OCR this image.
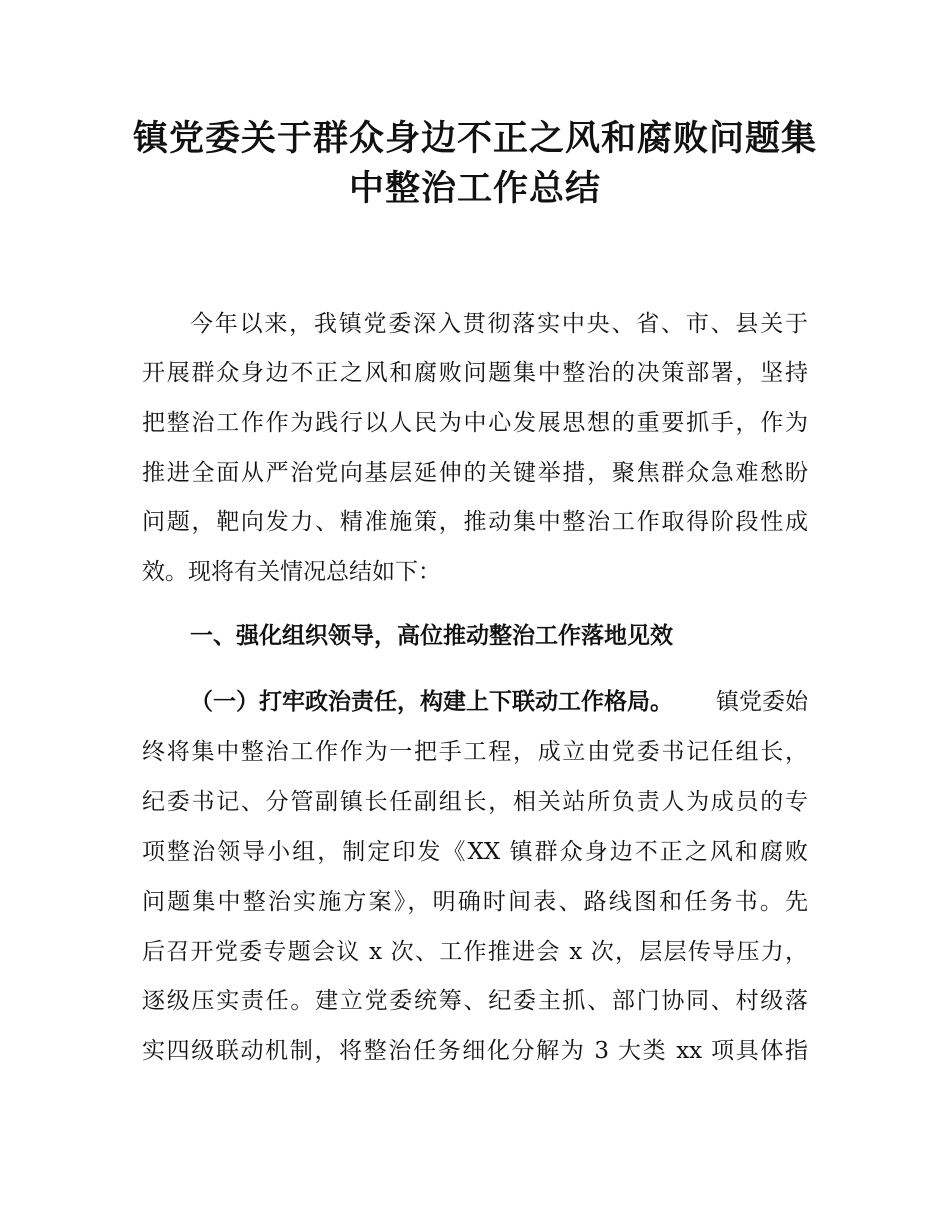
镇党委关于群众身边不正之风和腐败问题集
中整治工作总结

今年以来，我镇党委深入贯彻落实中央、省、市、县关于

开展群众身边不正之风和腐败问题集中整治的决策部署，坚持

把整治工作作为践行以人民为中心发展思想的重要抓手，作为

推进全面从严治党向基层延伸的关键举措，聚焦群众急难愁盼

问题，靶向发力、精准施策，推动集中整治工作取得阶段性成

效。现将有关情况总结如下：

一、强化组织领导，高位推动整治工作落地见效

（一）打牢政治责任，构建上下联动工作格局。 镇党委始

终将集中整治工作作为一把手工程，成立由党委书记任组长，

纪委书记、分管副镇长任副组长，相关站所负责人为成员的专

项整治领导小组，制定印发《XX 镇群众身边不正之风和腐败

问题集中整治实施方案》，明确时间表、路线图和任务书。先

后召开党委专题会议 x 次、工作推进会 x 次，层层传导压力，

逐级压实责任。建立党委统筹、纪委主抓、部门协同、村级落

实四级联动机制，将整治任务细化分解为 3 大类 xx 项具体指
